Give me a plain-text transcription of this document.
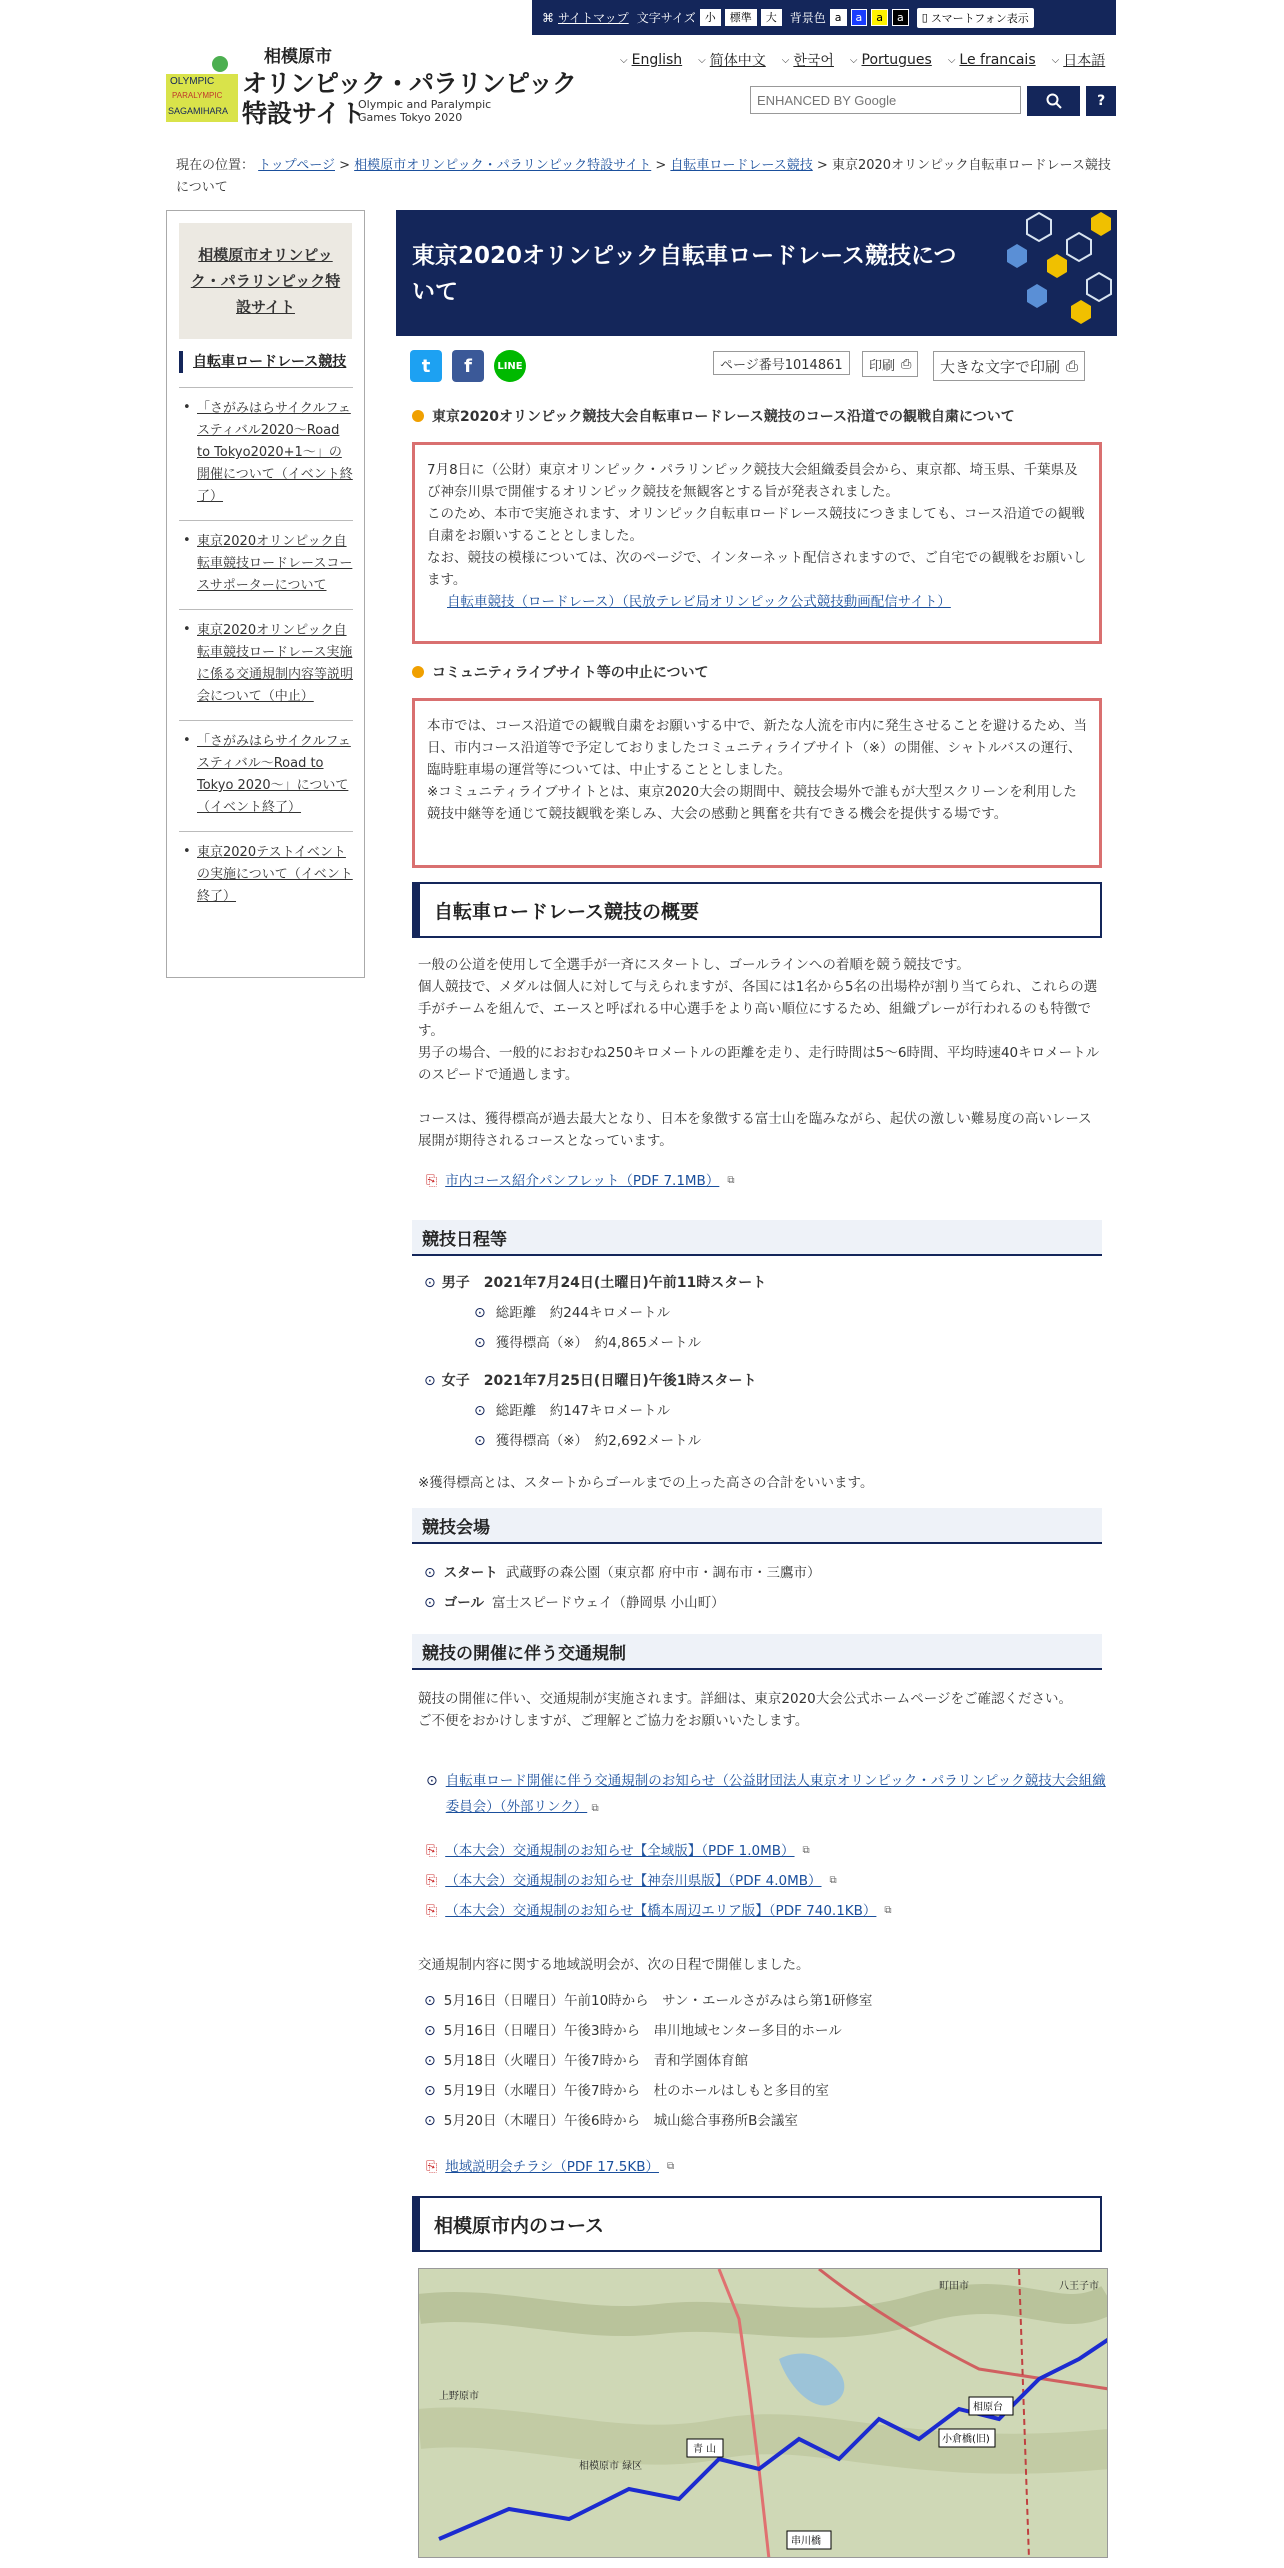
⌘ サイトマップ 文字サイズ 小	標準	大	背景色 a	a	a	a	▯ スマートフォン表示
OLYMPIC
PARALYMPIC
SAGAMIHARA
相模原市
オリンピック・パラリンピック
特設サイト
Olympic and Paralympic Games Tokyo 2020
⌵ English ⌵ 简体中文 ⌵ 한국어 ⌵ Portugues ⌵ Le francais ⌵ 日本語
ENHANCED BY Google
?
現在の位置： トップページ > 相模原市オリンピック・パラリンピック特設サイト > 自転車ロードレース競技 > 東京2020オリンピック自転車ロードレース競技について
相模原市オリンピック・パラリンピック特設サイト
自転車ロードレース競技
• 「さがみはらサイクルフェスティバル2020～Road to Tokyo2020+1～」の開催について（イベント終了）
• 東京2020オリンピック自転車競技ロードレースコースサポーターについて
• 東京2020オリンピック自転車競技ロードレース実施に係る交通規制内容等説明会について（中止）
• 「さがみはらサイクルフェスティバル～Road to Tokyo 2020～」について（イベント終了）
• 東京2020テストイベントの実施について（イベント終了）
東京2020オリンピック自転車ロードレース競技について
t	f	LINE	ページ番号1014861	印刷 ⎙ 大きな文字で印刷 ⎙
東京2020オリンピック競技大会自転車ロードレース競技のコース沿道での観戦自粛について
7月8日に（公財）東京オリンピック・パラリンピック競技大会組織委員会から、東京都、埼玉県、千葉県及び神奈川県で開催するオリンピック競技を無観客とする旨が発表されました。
このため、本市で実施されます、オリンピック自転車ロードレース競技につきましても、コース沿道での観戦自粛をお願いすることとしました。
なお、競技の模様については、次のページで、インターネット配信されますので、ご自宅での観戦をお願いします。
自転車競技（ロードレース）（民放テレビ局オリンピック公式競技動画配信サイト）
コミュニティライブサイト等の中止について
本市では、コース沿道での観戦自粛をお願いする中で、新たな人流を市内に発生させることを避けるため、当日、市内コース沿道等で予定しておりましたコミュニティライブサイト（※）の開催、シャトルバスの運行、臨時駐車場の運営等については、中止することとしました。
※コミュニティライブサイトとは、東京2020大会の期間中、競技会場外で誰もが大型スクリーンを利用した競技中継等を通じて競技観戦を楽しみ、大会の感動と興奮を共有できる機会を提供する場です。
自転車ロードレース競技の概要
一般の公道を使用して全選手が一斉にスタートし、ゴールラインへの着順を競う競技です。
個人競技で、メダルは個人に対して与えられますが、各国には1名から5名の出場枠が割り当てられ、これらの選手がチームを組んで、エースと呼ばれる中心選手をより高い順位にするため、組織プレーが行われるのも特徴です。
男子の場合、一般的におおむね250キロメートルの距離を走り、走行時間は5～6時間、平均時速40キロメートルのスピードで通過します。
コースは、獲得標高が過去最大となり、日本を象徴する富士山を臨みながら、起伏の激しい難易度の高いレース展開が期待されるコースとなっています。
⎘ 市内コース紹介パンフレット（PDF 7.1MB） ⧉
競技日程等
⊙ 男子　2021年7月24日(土曜日)午前11時スタート
⊙ 総距離　約244キロメートル
⊙ 獲得標高（※）　約4,865メートル
⊙ 女子　2021年7月25日(日曜日)午後1時スタート
⊙ 総距離　約147キロメートル
⊙ 獲得標高（※）　約2,692メートル
※獲得標高とは、スタートからゴールまでの上った高さの合計をいいます。
競技会場
⊙ スタート 武蔵野の森公園（東京都 府中市・調布市・三鷹市）
⊙ ゴール 富士スピードウェイ（静岡県 小山町）
競技の開催に伴う交通規制
競技の開催に伴い、交通規制が実施されます。詳細は、東京2020大会公式ホームページをご確認ください。
ご不便をおかけしますが、ご理解とご協力をお願いいたします。
⊙ 自転車ロード開催に伴う交通規制のお知らせ（公益財団法人東京オリンピック・パラリンピック競技大会組織委員会）（外部リンク） ⧉
⎘ （本大会）交通規制のお知らせ【全域版】（PDF 1.0MB） ⧉
⎘ （本大会）交通規制のお知らせ【神奈川県版】（PDF 4.0MB） ⧉
⎘ （本大会）交通規制のお知らせ【橋本周辺エリア版】（PDF 740.1KB） ⧉
交通規制内容に関する地域説明会が、次の日程で開催しました。
⊙ 5月16日（日曜日）午前10時から　サン・エールさがみはら第1研修室
⊙ 5月16日（日曜日）午後3時から　串川地域センター多目的ホール
⊙ 5月18日（火曜日）午後7時から　青和学園体育館
⊙ 5月19日（水曜日）午後7時から　杜のホールはしもと多目的室
⊙ 5月20日（木曜日）午後6時から　城山総合事務所B会議室
⎘ 地域説明会チラシ（PDF 17.5KB） ⧉
相模原市内のコース
上野原市
相模原市 緑区
町田市	八王子市
青 山
串川橋
相原台
小倉橋(旧)
